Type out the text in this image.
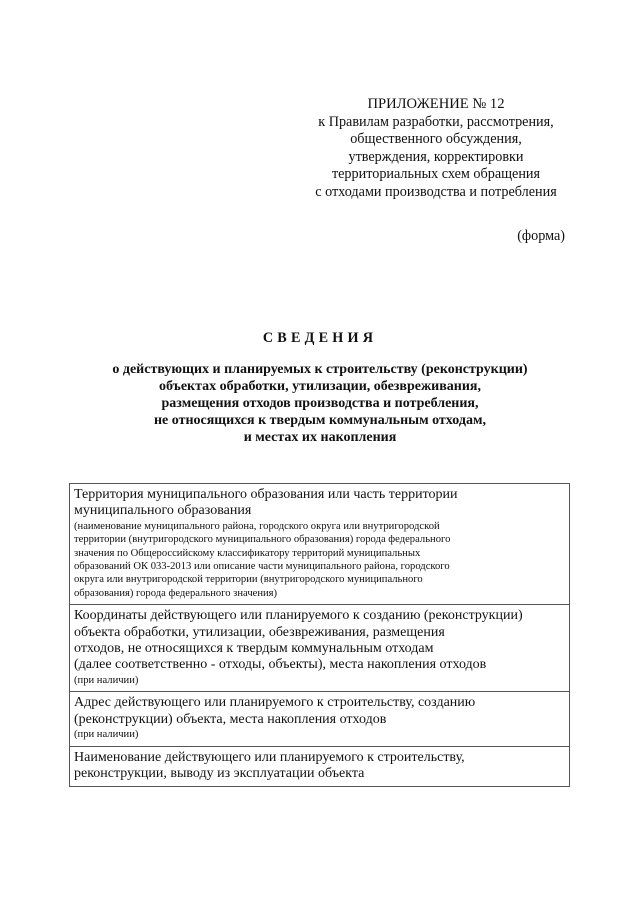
ПРИЛОЖЕНИЕ № 12
к Правилам разработки, рассмотрения,
общественного обсуждения,
утверждения, корректировки
территориальных схем обращения
с отходами производства и потребления
(форма)
СВЕДЕНИЯ
о действующих и планируемых к строительству (реконструкции)
объектах обработки, утилизации, обезвреживания,
размещения отходов производства и потребления,
не относящихся к твердым коммунальным отходам,
и местах их накопления
Территория муниципального образования или часть территории
муниципального образования
(наименование муниципального района, городского округа или внутригородской
территории (внутригородского муниципального образования) города федерального
значения по Общероссийскому классификатору территорий муниципальных
образований ОК 033-2013 или описание части муниципального района, городского
округа или внутригородской территории (внутригородского муниципального
образования) города федерального значения)

Координаты действующего или планируемого к созданию (реконструкции)
объекта обработки, утилизации, обезвреживания, размещения
отходов, не относящихся к твердым коммунальным отходам
(далее соответственно - отходы, объекты), места накопления отходов
(при наличии)

Адрес действующего или планируемого к строительству, созданию
(реконструкции) объекта, места накопления отходов
(при наличии)

Наименование действующего или планируемого к строительству,
реконструкции, выводу из эксплуатации объекта
